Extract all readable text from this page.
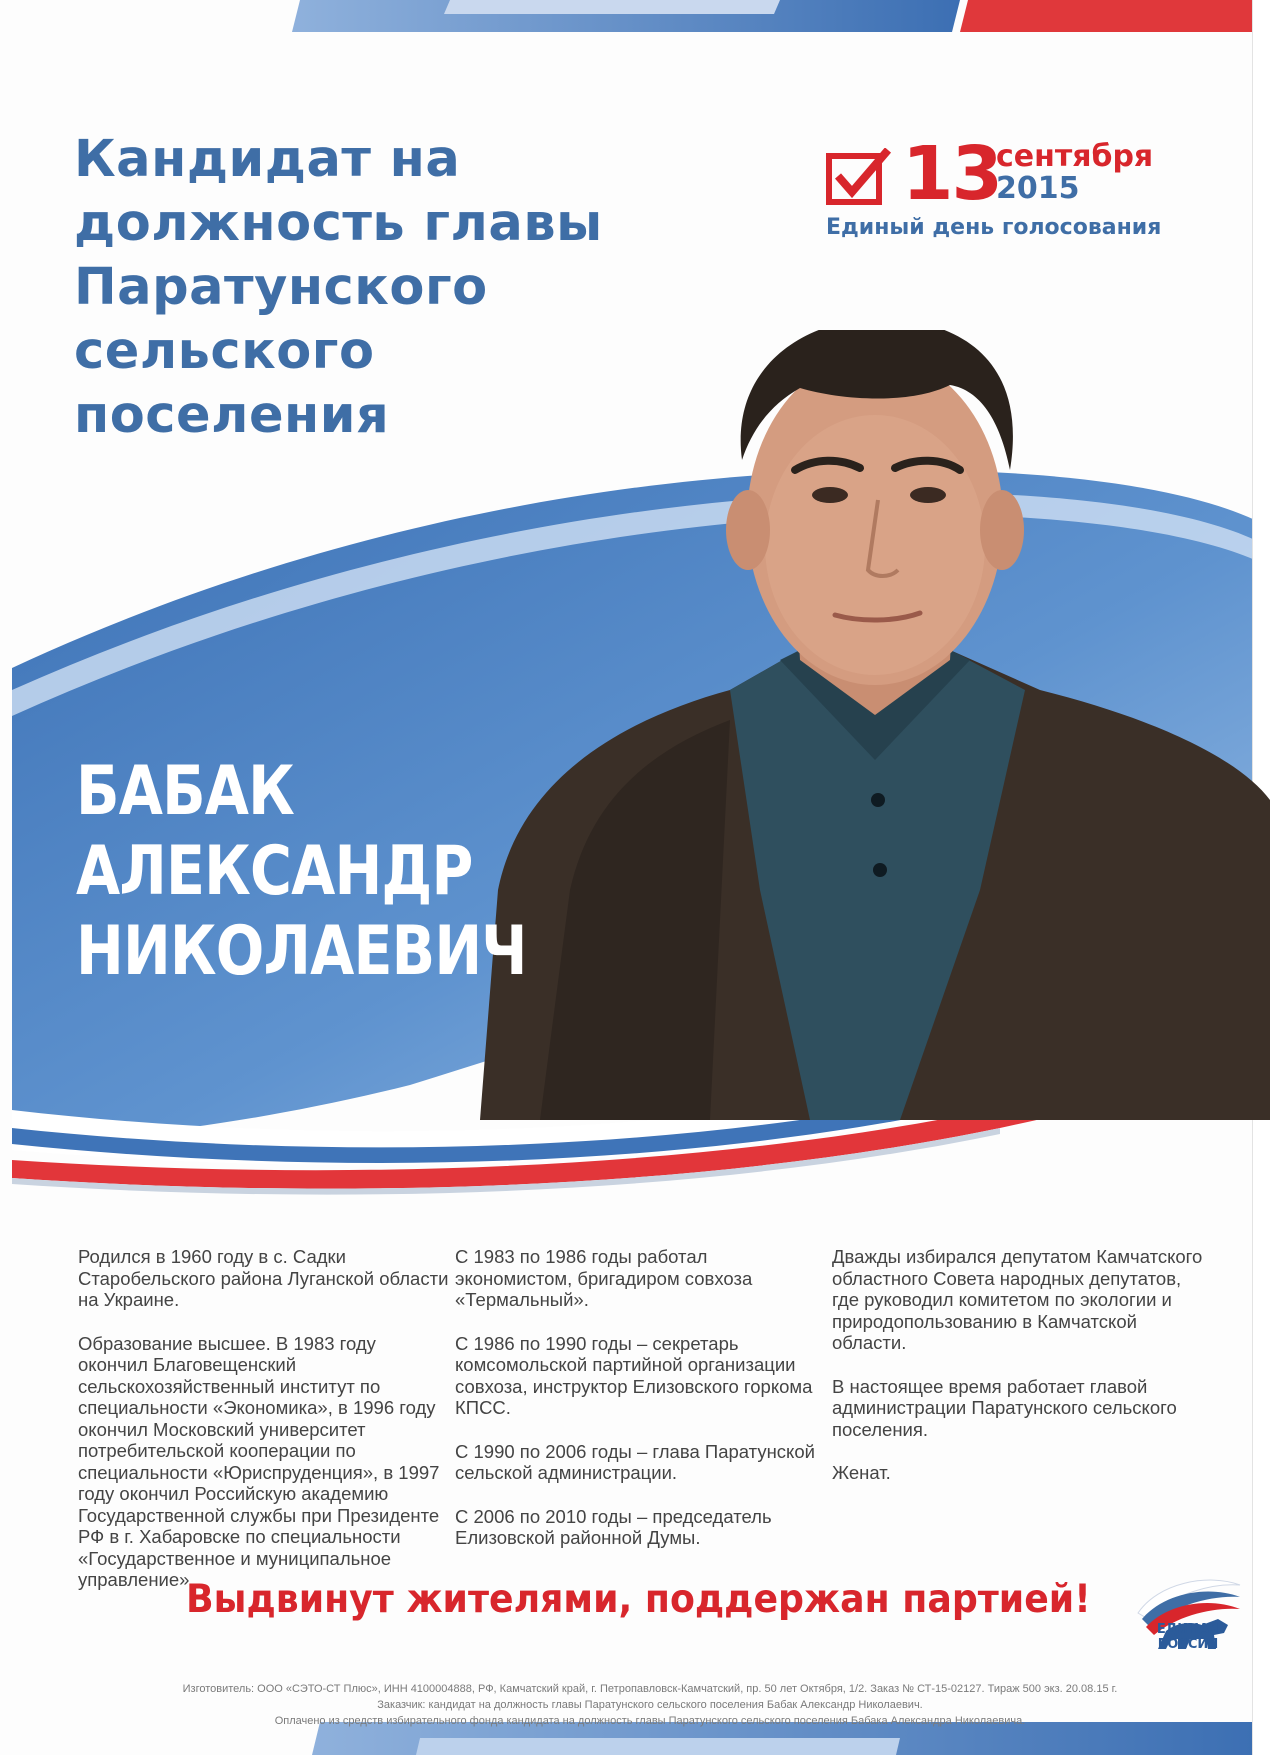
Кандидат на
должность главы
Паратунского
сельского
поселения
13
сентября
2015
Единый день голосования
БАБАК
АЛЕКСАНДР
НИКОЛАЕВИЧ

Родился в 1960 году в с. Садки Старобельского района Луганской области на Украине.

Образование высшее. В 1983 году окончил Благовещенский сельскохозяйственный институт по специальности «Экономика», в 1996 году окончил Московский университет потребительской кооперации по специальности «Юриспруденция», в 1997 году окончил Российскую академию Государственной службы при Президенте РФ в г. Хабаровске по специальности «Государственное и муниципальное управление».

С 1983 по 1986 годы работал экономистом, бригадиром совхоза «Термальный».

С 1986 по 1990 годы – секретарь комсомольской партийной организации совхоза, инструктор Елизовского горкома КПСС.

С 1990 по 2006 годы – глава Паратунской сельской администрации.

С 2006 по 2010 годы – председатель Елизовской районной Думы.

Дважды избирался депутатом Камчатского областного Совета народных депутатов, где руководил комитетом по экологии и природопользованию в Камчатской области.

В настоящее время работает главой администрации Паратунского сельского поселения.

Женат.

Выдвинут жителями, поддержан партией!
ЕДИНАЯ
РОССИЯ
Изготовитель: ООО «СЭТО-СТ Плюс», ИНН 4100004888, РФ, Камчатский край, г. Петропавловск-Камчатский, пр. 50 лет Октября, 1/2. Заказ № СТ-15-02127. Тираж 500 экз. 20.08.15 г.
Заказчик: кандидат на должность главы Паратунского сельского поселения Бабак Александр Николаевич.
Оплачено из средств избирательного фонда кандидата на должность главы Паратунского сельского поселения Бабака Александра Николаевича.
